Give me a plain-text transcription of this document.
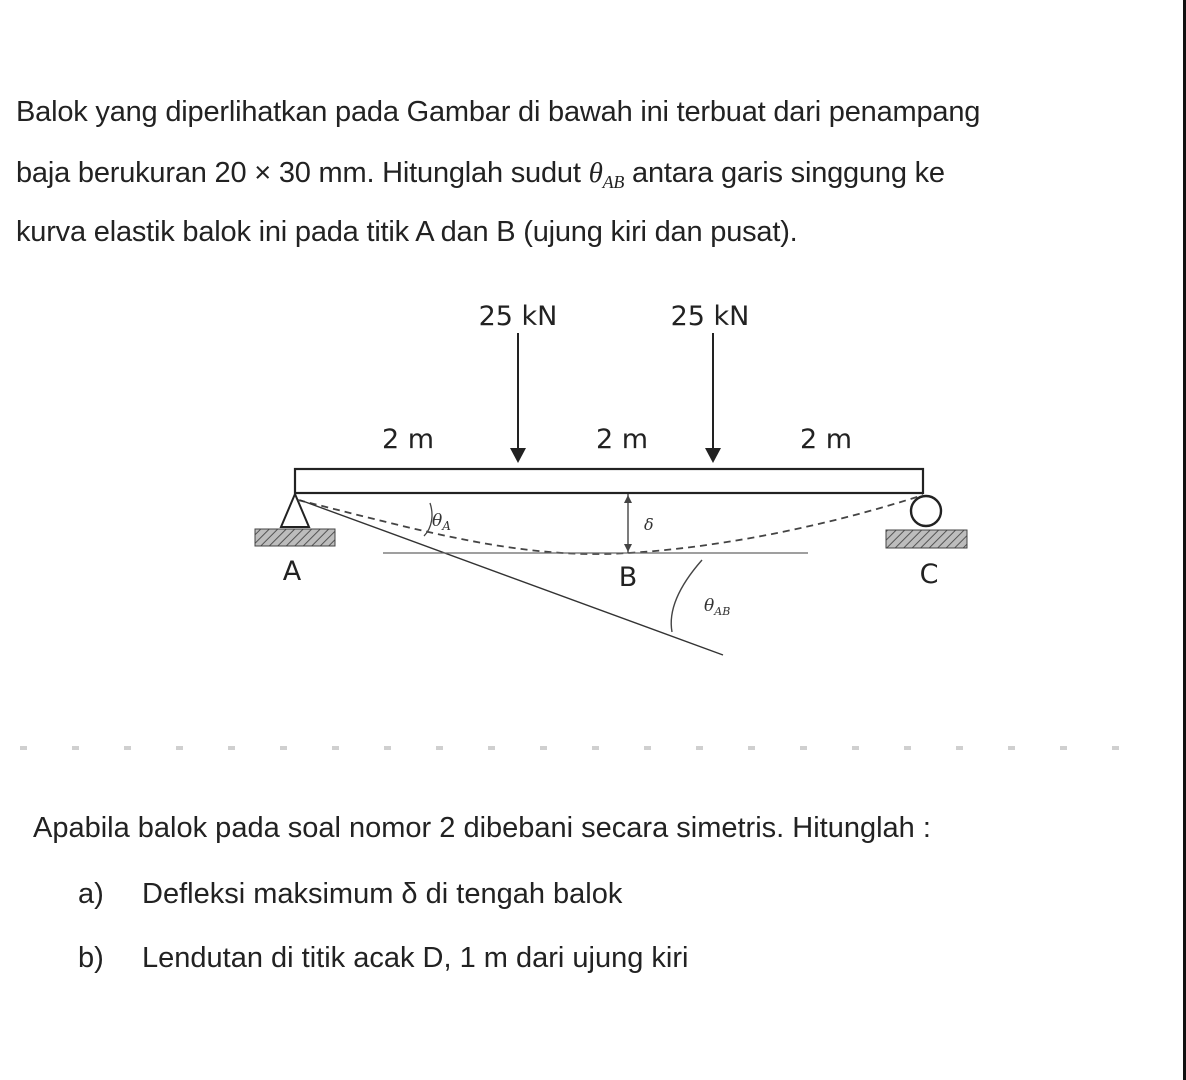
Balok yang diperlihatkan pada Gambar di bawah ini terbuat dari penampang
baja berukuran 20 × 30 mm. Hitunglah sudut $\theta_{AB}$ antara garis singgung ke
kurva elastik balok ini pada titik A dan B (ujung kiri dan pusat).
25 kN	25 kN
2 m	2 m	2 m
δ
$\theta_A$
$\theta_{AB}$
A	B	C
Apabila balok pada soal nomor 2 dibebani secara simetris. Hitunglah :
a) Defleksi maksimum δ di tengah balok
b) Lendutan di titik acak D, 1 m dari ujung kiri
